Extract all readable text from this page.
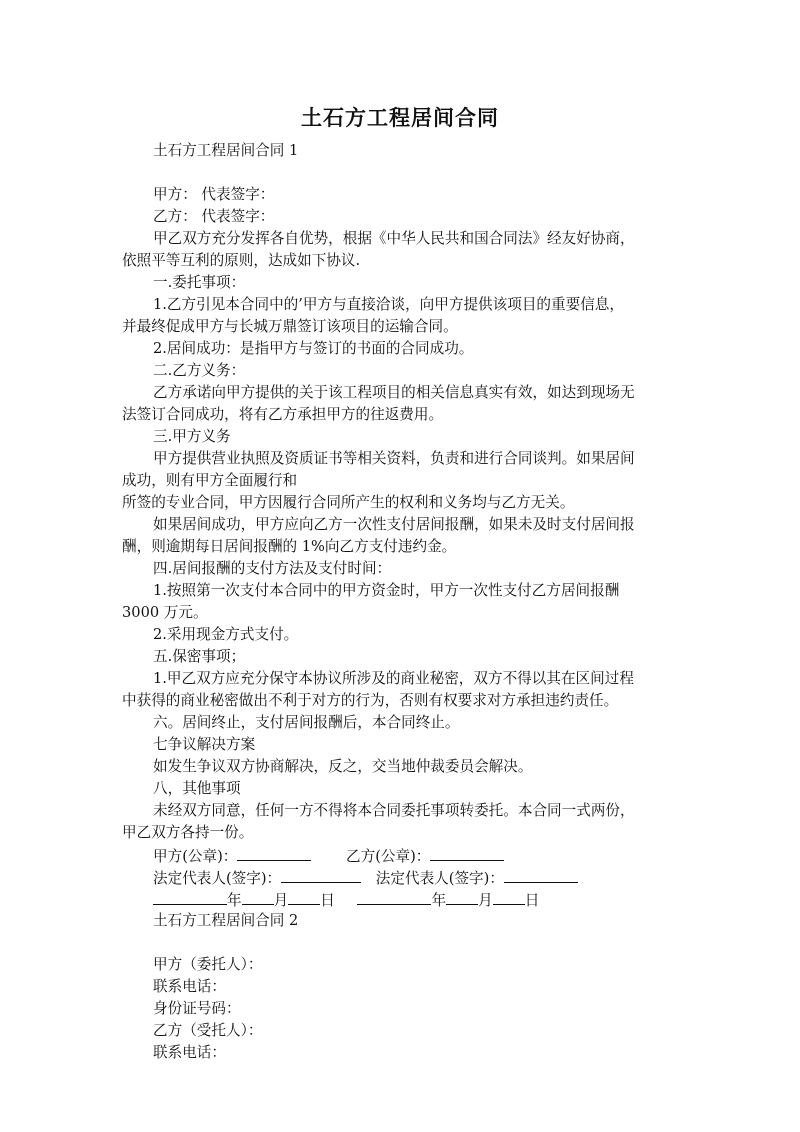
土石方工程居间合同
土石方工程居间合同 1
甲方： 代表签字：
乙方： 代表签字：
甲乙双方充分发挥各自优势，根据《中华人民共和国合同法》经友好协商，
依照平等互利的原则，达成如下协议.
一.委托事项：
1.乙方引见本合同中的’甲方与直接洽谈，向甲方提供该项目的重要信息，
并最终促成甲方与长城万鼎签订该项目的运输合同。
2.居间成功：是指甲方与签订的书面的合同成功。
二.乙方义务：
乙方承诺向甲方提供的关于该工程项目的相关信息真实有效，如达到现场无
法签订合同成功，将有乙方承担甲方的往返费用。
三.甲方义务
甲方提供营业执照及资质证书等相关资料，负责和进行合同谈判。如果居间
成功，则有甲方全面履行和
所签的专业合同，甲方因履行合同所产生的权利和义务均与乙方无关。
如果居间成功，甲方应向乙方一次性支付居间报酬，如果未及时支付居间报
酬，则逾期每日居间报酬的 1%向乙方支付违约金。
四.居间报酬的支付方法及支付时间：
1.按照第一次支付本合同中的甲方资金时，甲方一次性支付乙方居间报酬
3000 万元。
2.采用现金方式支付。
五.保密事项；
1.甲乙双方应充分保守本协议所涉及的商业秘密，双方不得以其在区间过程
中获得的商业秘密做出不利于对方的行为，否则有权要求对方承担违约责任。
六。居间终止，支付居间报酬后，本合同终止。
七争议解决方案
如发生争议双方协商解决，反之，交当地仲裁委员会解决。
八，其他事项
未经双方同意，任何一方不得将本合同委托事项转委托。本合同一式两份，
甲乙双方各持一份。
甲方(公章)：	乙方(公章)：
法定代表人(签字)：	法定代表人(签字)：
年 月 日	年 月 日
土石方工程居间合同 2
甲方（委托人）：
联系电话：
身份证号码：
乙方（受托人）：
联系电话：
